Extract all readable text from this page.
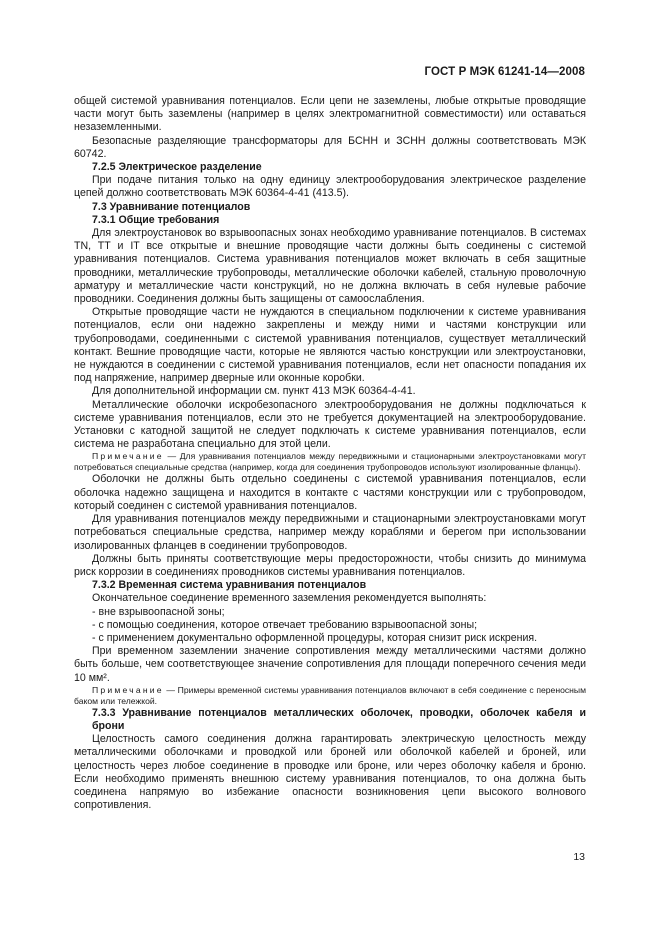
ГОСТ Р МЭК 61241-14—2008

общей системой уравнивания потенциалов. Если цепи не заземлены, любые открытые проводящие части могут быть заземлены (например в целях электромагнитной совместимости) или оставаться незаземленными.

Безопасные разделяющие трансформаторы для БСНН и ЗСНН должны соответствовать МЭК 60742.

7.2.5 Электрическое разделение

При подаче питания только на одну единицу электрооборудования электрическое разделение цепей должно соответствовать МЭК 60364-4-41 (413.5).

7.3 Уравнивание потенциалов

7.3.1 Общие требования

Для электроустановок во взрывоопасных зонах необходимо уравнивание потенциалов. В системах TN, TT и IT все открытые и внешние проводящие части должны быть соединены с системой уравнивания потенциалов. Система уравнивания потенциалов может включать в себя защитные проводники, металлические трубопроводы, металлические оболочки кабелей, стальную проволочную арматуру и металлические части конструкций, но не должна включать в себя нулевые рабочие проводники. Соединения должны быть защищены от самоослабления.

Открытые проводящие части не нуждаются в специальном подключении к системе уравнивания потенциалов, если они надежно закреплены и между ними и частями конструкции или трубопроводами, соединенными с системой уравнивания потенциалов, существует металлический контакт. Вешние проводящие части, которые не являются частью конструкции или электроустановки, не нуждаются в соединении с системой уравнивания потенциалов, если нет опасности попадания их под напряжение, например дверные или оконные коробки.

Для дополнительной информации см. пункт 413 МЭК 60364-4-41.

Металлические оболочки искробезопасного электрооборудования не должны подключаться к системе уравнивания потенциалов, если это не требуется документацией на электрооборудование. Установки с катодной защитой не следует подключать к системе уравнивания потенциалов, если система не разработана специально для этой цели.

Примечание — Для уравнивания потенциалов между передвижными и стационарными электроустановками могут потребоваться специальные средства (например, когда для соединения трубопроводов используют изолированные фланцы).

Оболочки не должны быть отдельно соединены с системой уравнивания потенциалов, если оболочка надежно защищена и находится в контакте с частями конструкции или с трубопроводом, который соединен с системой уравнивания потенциалов.

Для уравнивания потенциалов между передвижными и стационарными электроустановками могут потребоваться специальные средства, например между кораблями и берегом при использовании изолированных фланцев в соединении трубопроводов.

Должны быть приняты соответствующие меры предосторожности, чтобы снизить до минимума риск коррозии в соединениях проводников системы уравнивания потенциалов.

7.3.2 Временная система уравнивания потенциалов

Окончательное соединение временного заземления рекомендуется выполнять:

- вне взрывоопасной зоны;

- с помощью соединения, которое отвечает требованию взрывоопасной зоны;

- с применением документально оформленной процедуры, которая снизит риск искрения.

При временном заземлении значение сопротивления между металлическими частями должно быть больше, чем соответствующее значение сопротивления для площади поперечного сечения меди 10 мм².

Примечание — Примеры временной системы уравнивания потенциалов включают в себя соединение с переносным баком или тележкой.

7.3.3 Уравнивание потенциалов металлических оболочек, проводки, оболочек кабеля и брони

Целостность самого соединения должна гарантировать электрическую целостность между металлическими оболочками и проводкой или броней или оболочкой кабелей и броней, или целостность через любое соединение в проводке или броне, или через оболочку кабеля и броню. Если необходимо применять внешнюю систему уравнивания потенциалов, то она должна быть соединена напрямую во избежание опасности возникновения цепи высокого волнового сопротивления.

13
